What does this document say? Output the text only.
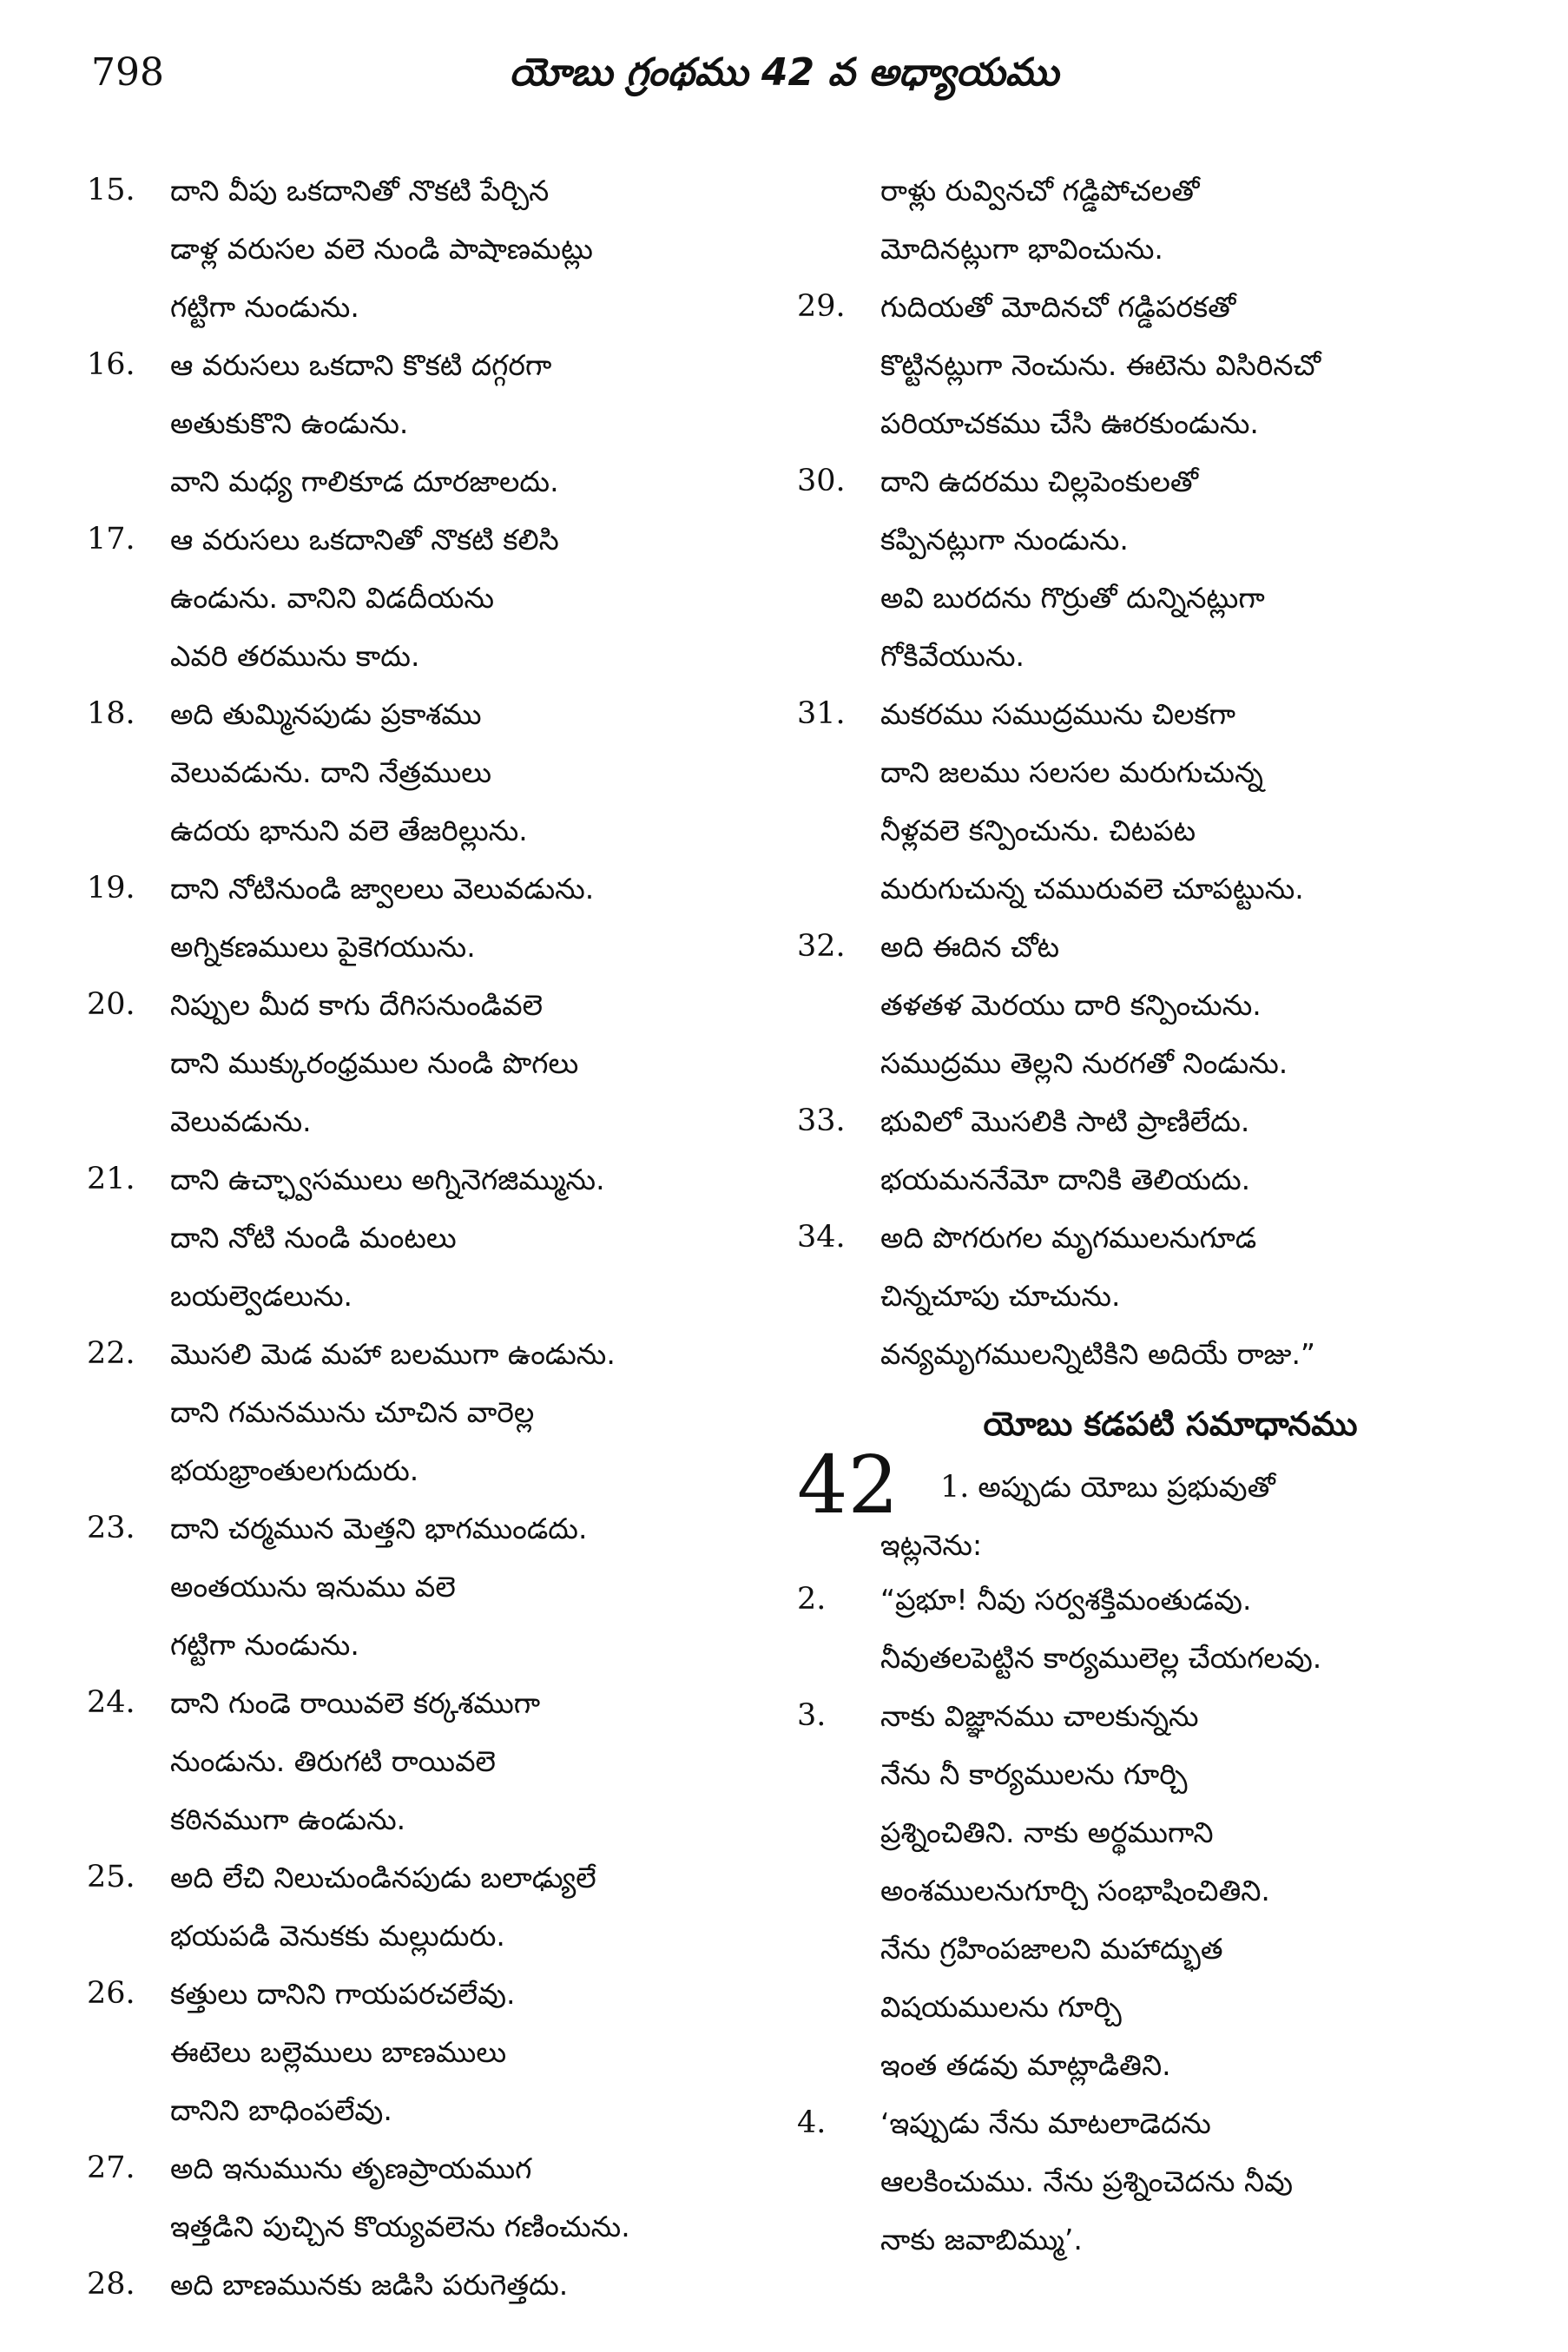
798	యోబు గ్రంథము 42 వ అధ్యాయము
15.	దాని వీపు ఒకదానితో నొకటి పేర్చిన
డాళ్ల వరుసల వలె నుండి పాషాణమట్లు
గట్టిగా నుండును.
16.	ఆ వరుసలు ఒకదాని కొకటి దగ్గరగా
అతుకుకొని ఉండును.
వాని మధ్య గాలికూడ దూరజాలదు.
17.	ఆ వరుసలు ఒకదానితో నొకటి కలిసి
ఉండును. వానిని విడదీయను
ఎవరి తరమును కాదు.
18.	అది తుమ్మినపుడు ప్రకాశము
వెలువడును. దాని నేత్రములు
ఉదయ భానుని వలె తేజరిల్లును.
19.	దాని నోటినుండి జ్వాలలు వెలువడును.
అగ్నికణములు పైకెగయును.
20.	నిప్పుల మీద కాగు దేగిసనుండివలె
దాని ముక్కురంధ్రముల నుండి పొగలు
వెలువడును.
21.	దాని ఉచ్ఛ్వాసములు అగ్నినెగజిమ్మును.
దాని నోటి నుండి మంటలు
బయల్వెడలును.
22.	మొసలి మెడ మహా బలముగా ఉండును.
దాని గమనమును చూచిన వారెల్ల
భయభ్రాంతులగుదురు.
23.	దాని చర్మమున మెత్తని భాగముండదు.
అంతయును ఇనుము వలె
గట్టిగా నుండును.
24.	దాని గుండె రాయివలె కర్కశముగా
నుండును. తిరుగటి రాయివలె
కఠినముగా ఉండును.
25.	అది లేచి నిలుచుండినపుడు బలాఢ్యులే
భయపడి వెనుకకు మల్లుదురు.
26.	కత్తులు దానిని గాయపరచలేవు.
ఈటెలు బల్లెములు బాణములు
దానిని బాధింపలేవు.
27.	అది ఇనుమును తృణప్రాయముగ
ఇత్తడిని పుచ్చిన కొయ్యవలెను గణించును.
28.	అది బాణమునకు జడిసి పరుగెత్తదు.
రాళ్లు రువ్వినచో గడ్డిపోచలతో
మోదినట్లుగా భావించును.
29.	గుదియతో మోదినచో గడ్డిపరకతో
కొట్టినట్లుగా నెంచును. ఈటెను విసిరినచో
పరియాచకము చేసి ఊరకుండును.
30.	దాని ఉదరము చిల్లపెంకులతో
కప్పినట్లుగా నుండును.
అవి బురదను గొర్రుతో దున్నినట్లుగా
గోకివేయును.
31.	మకరము సముద్రమును చిలకగా
దాని జలము సలసల మరుగుచున్న
నీళ్లవలె కన్పించును. చిటపట
మరుగుచున్న చమురువలె చూపట్టును.
32.	అది ఈదిన చోట
తళతళ మెరయు దారి కన్పించును.
సముద్రము తెల్లని నురగతో నిండును.
33.	భువిలో మొసలికి సాటి ప్రాణిలేదు.
భయమననేమో దానికి తెలియదు.
34.	అది పొగరుగల మృగములనుగూడ
చిన్నచూపు చూచును.
వన్యమృగములన్నిటికిని అదియే రాజు.”
యోబు కడపటి సమాధానము
42 1. అప్పుడు యోబు ప్రభువుతో
ఇట్లనెను:
2.	“ప్రభూ! నీవు సర్వశక్తిమంతుడవు.
నీవుతలపెట్టిన కార్యములెల్ల చేయగలవు.
3.	నాకు విజ్ఞానము చాలకున్నను
నేను నీ కార్యములను గూర్చి
ప్రశ్నించితిని. నాకు అర్థముగాని
అంశములనుగూర్చి సంభాషించితిని.
నేను గ్రహింపజాలని మహాద్భుత
విషయములను గూర్చి
ఇంత తడవు మాట్లాడితిని.
4.	‘ఇప్పుడు నేను మాటలాడెదను
ఆలకించుము. నేను ప్రశ్నించెదను నీవు
నాకు జవాబిమ్ము’.
